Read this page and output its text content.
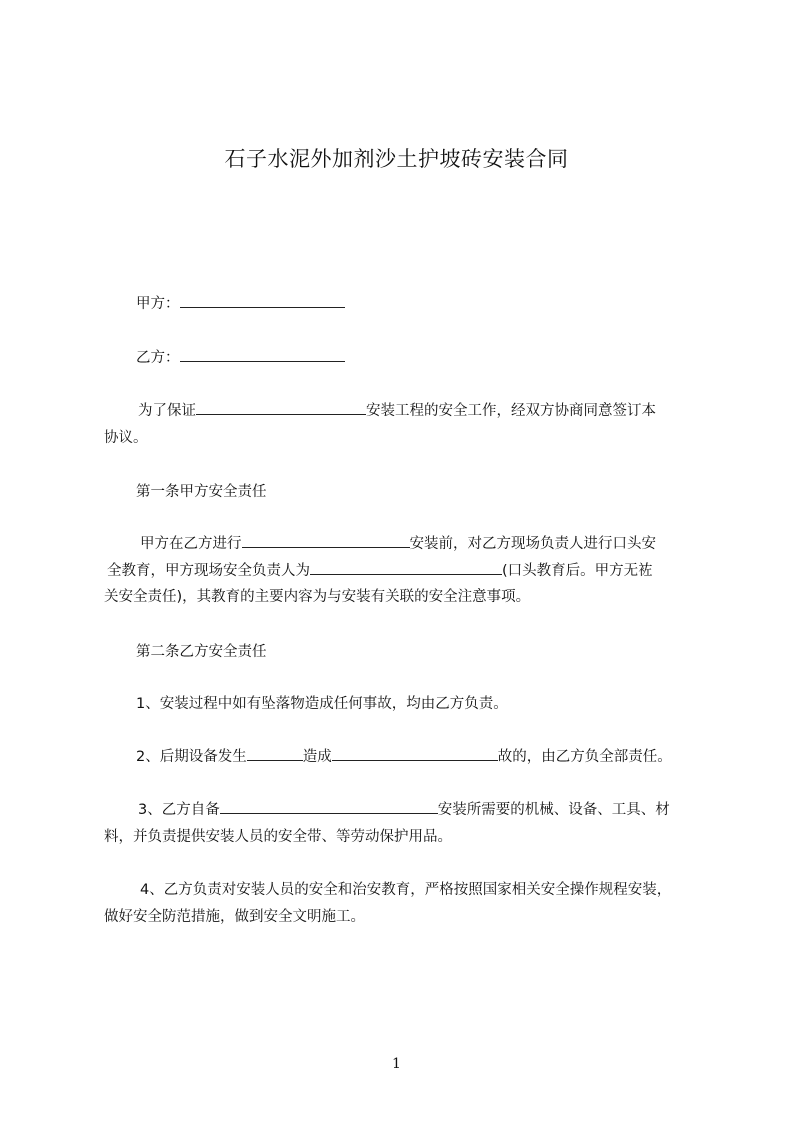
石子水泥外加剂沙土护坡砖安装合同
甲方：
乙方：
为了保证	安装工程的安全工作，经双方协商同意签订本
协议。
第一条甲方安全责任
甲方在乙方进行	安装前，对乙方现场负责人进行口头安
全教育，甲方现场安全负责人为	(口头教育后。甲方无袏
关安全责任)，其教育的主要内容为与安装有关联的安全注意事项。
第二条乙方安全责任
1、安装过程中如有坠落物造成任何事故，均由乙方负责。
2、后期设备发生	造成	故的，由乙方负全部责任。
3、乙方自备	安装所需要的机械、设备、工具、材
料，并负责提供安装人员的安全带、等劳动保护用品。
4、乙方负责对安装人员的安全和治安教育，严格按照国家相关安全操作规程安装，
做好安全防范措施，做到安全文明施工。
1
